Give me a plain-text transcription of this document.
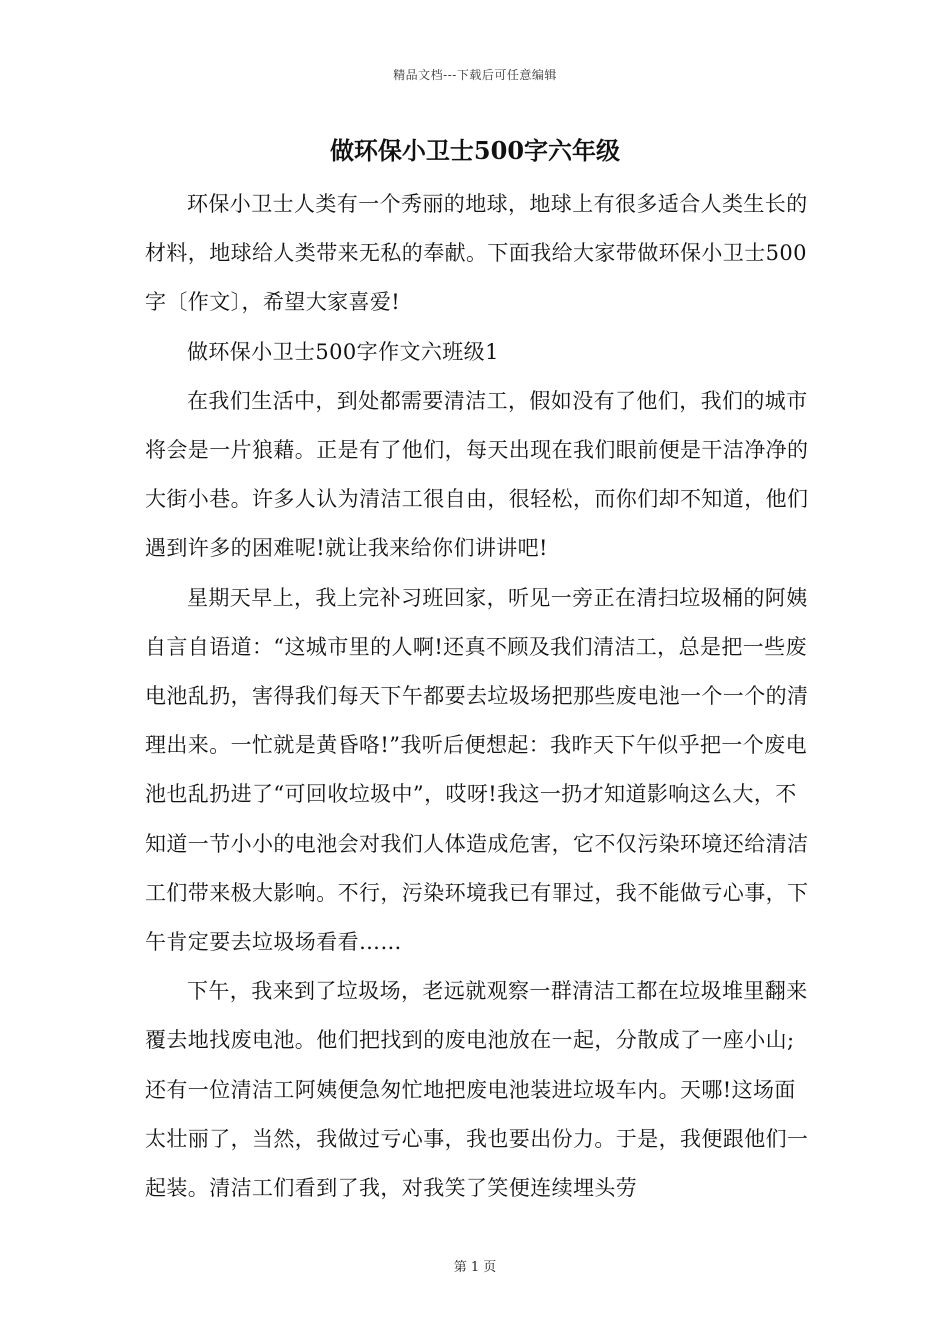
精品文档---下载后可任意编辑
做环保小卫士500字六年级

环保小卫士人类有一个秀丽的地球，地球上有很多适合人类生长的材料，地球给人类带来无私的奉献。下面我给大家带做环保小卫士500字〔作文〕，希望大家喜爱!

做环保小卫士500字作文六班级1

在我们生活中，到处都需要清洁工，假如没有了他们，我们的城市将会是一片狼藉。正是有了他们，每天出现在我们眼前便是干洁净净的大街小巷。许多人认为清洁工很自由，很轻松，而你们却不知道，他们遇到许多的困难呢!就让我来给你们讲讲吧!

星期天早上，我上完补习班回家，听见一旁正在清扫垃圾桶的阿姨自言自语道：“这城市里的人啊!还真不顾及我们清洁工，总是把一些废电池乱扔，害得我们每天下午都要去垃圾场把那些废电池一个一个的清理出来。一忙就是黄昏咯!”我听后便想起：我昨天下午似乎把一个废电池也乱扔进了“可回收垃圾中”，哎呀!我这一扔才知道影响这么大，不知道一节小小的电池会对我们人体造成危害，它不仅污染环境还给清洁工们带来极大影响。不行，污染环境我已有罪过，我不能做亏心事，下午肯定要去垃圾场看看……

下午，我来到了垃圾场，老远就观察一群清洁工都在垃圾堆里翻来覆去地找废电池。他们把找到的废电池放在一起，分散成了一座小山;还有一位清洁工阿姨便急匆忙地把废电池装进垃圾车内。天哪!这场面太壮丽了，当然，我做过亏心事，我也要出份力。于是，我便跟他们一起装。清洁工们看到了我，对我笑了笑便连续埋头劳

第 1 页
